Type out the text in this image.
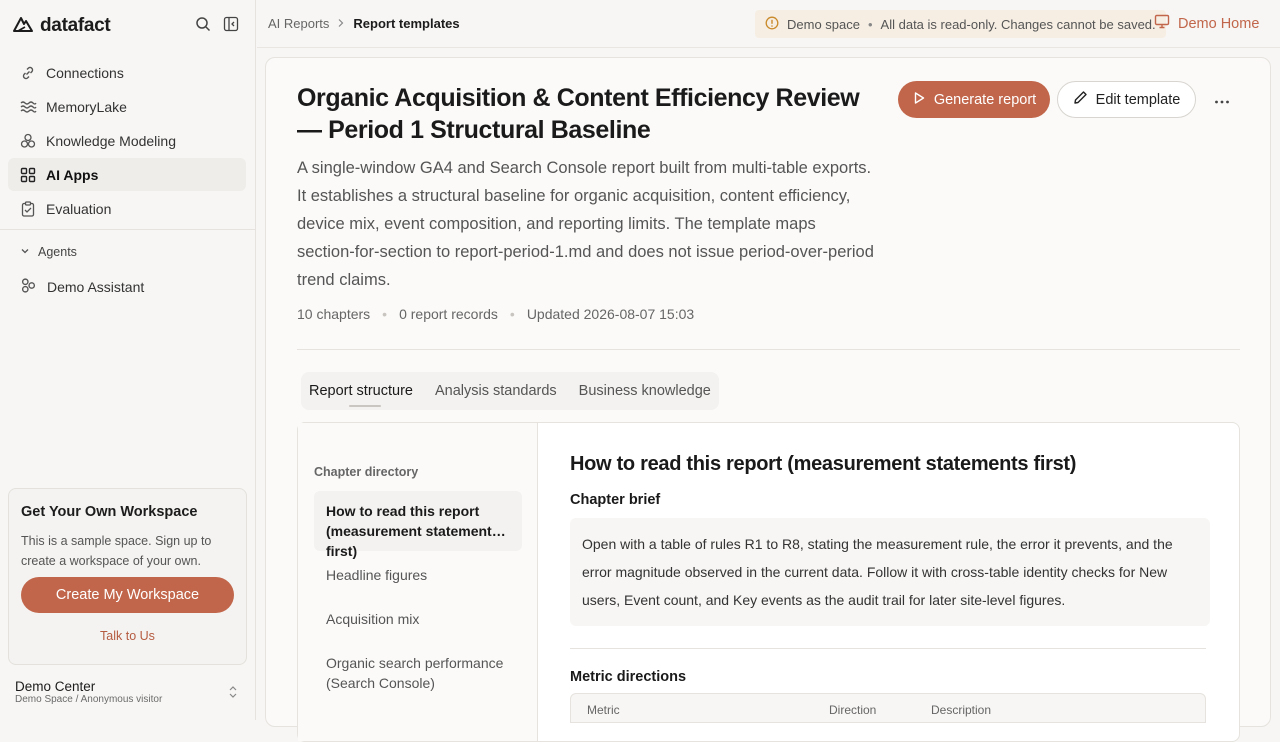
datafact
Connections
MemoryLake
Knowledge Modeling
AI Apps
Evaluation
Agents
Demo Assistant
Get Your Own Workspace
This is a sample space. Sign up to create a workspace of your own.
Create My Workspace
Talk to Us
Demo Center
Demo Space / Anonymous visitor
AI Reports Report templates	Demo space • All data is read-only. Changes cannot be saved. Demo Home
Organic Acquisition & Content Efficiency Review — Period 1 Structural Baseline

A single-window GA4 and Search Console report built from multi-table exports. It establishes a structural baseline for organic acquisition, content efficiency, device mix, event composition, and reporting limits. The template maps section-for-section to report-period-1.md and does not issue period-over-period trend claims.

10 chapters • 0 report records • Updated 2026-08-07 15:03
Generate report	Edit template
Report structure Analysis standards Business knowledge
Chapter directory
How to read this report (measurement statements first)
Headline figures
Acquisition mix
Organic search performance (Search Console)
How to read this report (measurement statements first)
Chapter brief
Open with a table of rules R1 to R8, stating the measurement rule, the error it prevents, and the error magnitude observed in the current data. Follow it with cross-table identity checks for New users, Event count, and Key events as the audit trail for later site-level figures.
Metric directions
Metric	Direction	Description
